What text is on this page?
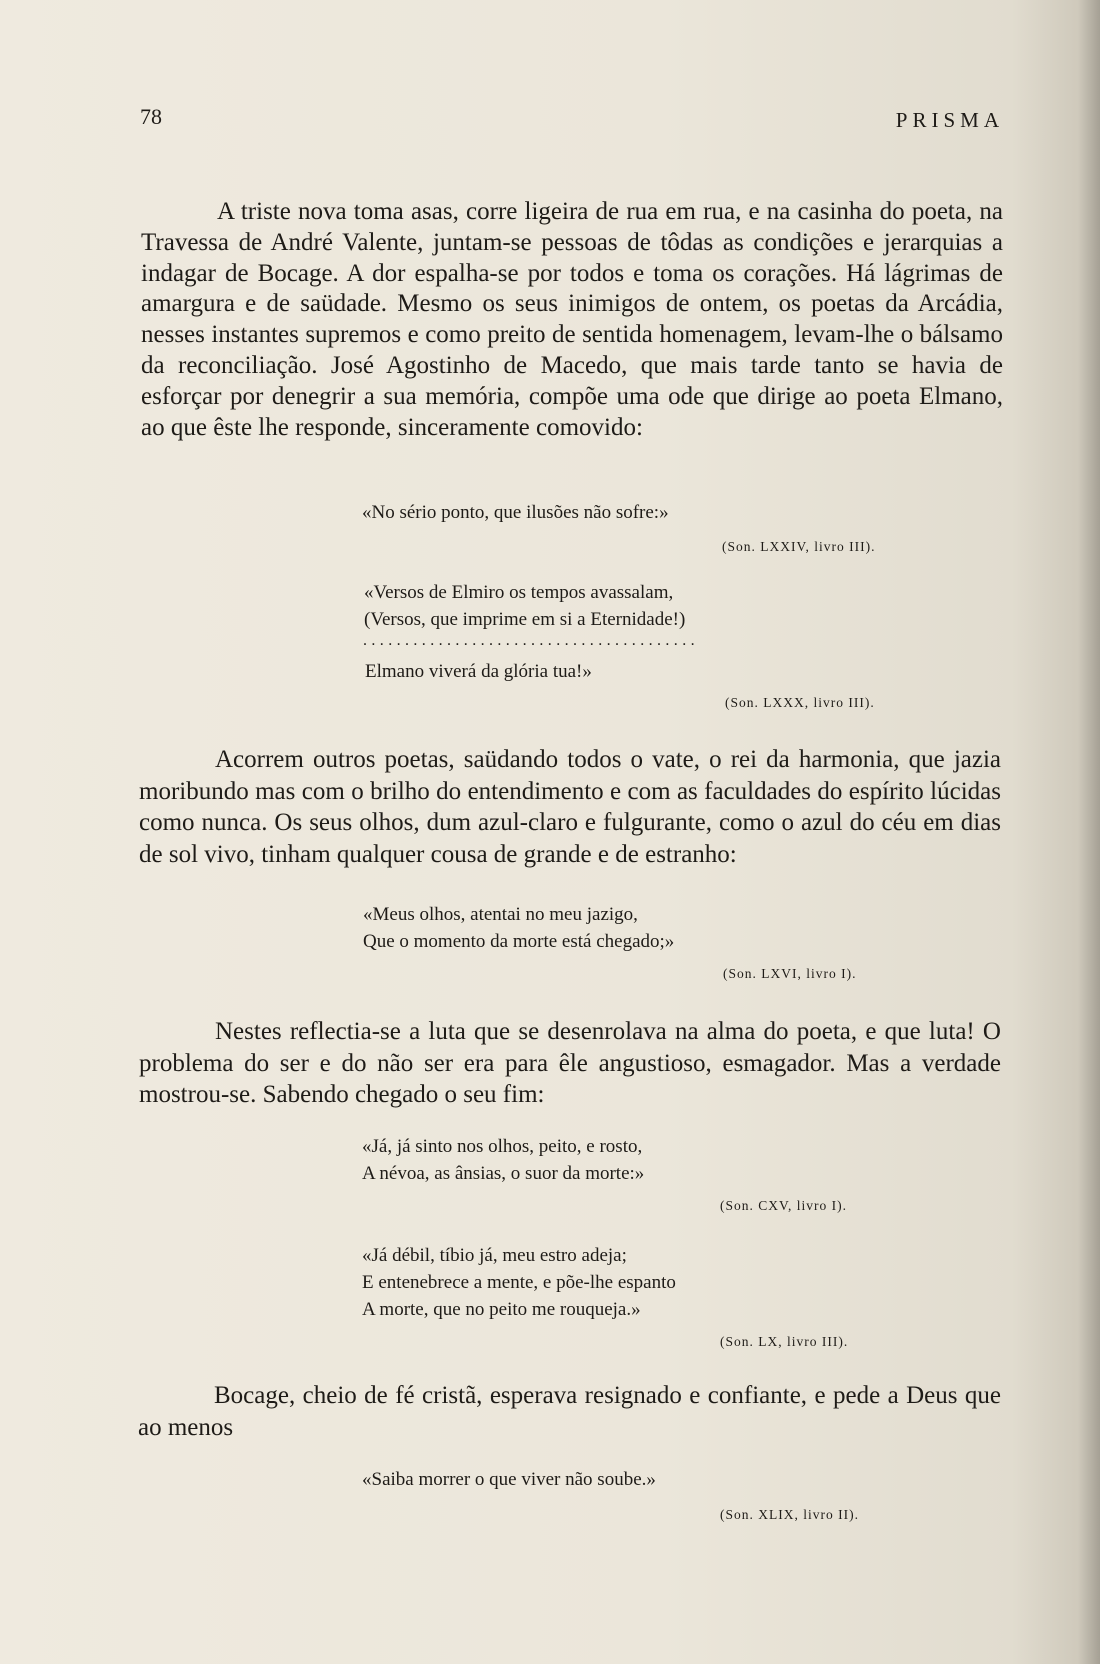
78	PRISMA

A triste nova toma asas, corre ligeira de rua em rua, e na casinha do poeta, na Travessa de André Valente, juntam-se pessoas de tôdas as condições e jerarquias a indagar de Bocage. A dor espalha-se por todos e toma os corações. Há lágrimas de amargura e de saüdade. Mesmo os seus inimigos de ontem, os poetas da Arcádia, nesses instantes supremos e como preito de sentida homenagem, levam-lhe o bálsamo da reconciliação. José Agostinho de Macedo, que mais tarde tanto se havia de esforçar por denegrir a sua memória, compõe uma ode que dirige ao poeta Elmano, ao que êste lhe responde, sinceramente comovido:

«No sério ponto, que ilusões não sofre:»
(Son. LXXIV, livro III).
«Versos de Elmiro os tempos avassalam,
(Versos, que imprime em si a Eternidade!)
........................................
Elmano viverá da glória tua!»
(Son. LXXX, livro III).

Acorrem outros poetas, saüdando todos o vate, o rei da harmonia, que jazia moribundo mas com o brilho do entendimento e com as faculdades do espírito lúcidas como nunca. Os seus olhos, dum azul-claro e fulgurante, como o azul do céu em dias de sol vivo, tinham qualquer cousa de grande e de estranho:

«Meus olhos, atentai no meu jazigo,
Que o momento da morte está chegado;»
(Son. LXVI, livro I).

Nestes reflectia-se a luta que se desenrolava na alma do poeta, e que luta! O problema do ser e do não ser era para êle angustioso, esmagador. Mas a verdade mostrou-se. Sabendo chegado o seu fim:

«Já, já sinto nos olhos, peito, e rosto,
A névoa, as ânsias, o suor da morte:»
(Son. CXV, livro I).
«Já débil, tíbio já, meu estro adeja;
E entenebrece a mente, e põe-lhe espanto
A morte, que no peito me rouqueja.»
(Son. LX, livro III).

Bocage, cheio de fé cristã, esperava resignado e confiante, e pede a Deus que ao menos

«Saiba morrer o que viver não soube.»
(Son. XLIX, livro II).
